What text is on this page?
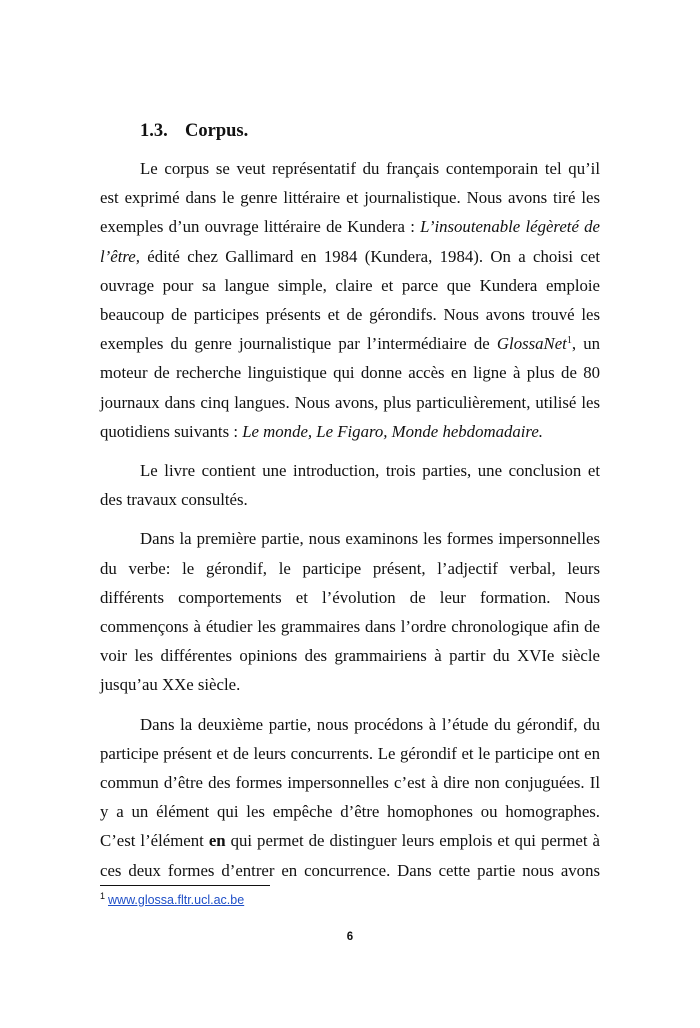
1.3. Corpus.

Le corpus se veut représentatif du français contemporain tel qu’il est exprimé dans le genre littéraire et journalistique. Nous avons tiré les exemples d’un ouvrage littéraire de Kundera : L’insoutenable légèreté de l’être, édité chez Gallimard en 1984 (Kundera, 1984). On a choisi cet ouvrage pour sa langue simple, claire et parce que Kundera emploie beaucoup de participes présents et de gérondifs. Nous avons trouvé les exemples du genre journalistique par l’intermédiaire de GlossaNet$^1$, un moteur de recherche linguistique qui donne accès en ligne à plus de 80 journaux dans cinq langues. Nous avons, plus particulièrement, utilisé les quotidiens suivants : Le monde, Le Figaro, Monde hebdomadaire.

Le livre contient une introduction, trois parties, une conclusion et des travaux consultés.

Dans la première partie, nous examinons les formes impersonnelles du verbe: le gérondif, le participe présent, l’adjectif verbal, leurs différents comportements et l’évolution de leur formation. Nous commençons à étudier les grammaires dans l’ordre chronologique afin de voir les différentes opinions des grammairiens à partir du XVIe siècle jusqu’au XXe siècle.

Dans la deuxième partie, nous procédons à l’étude du gérondif, du participe présent et de leurs concurrents. Le gérondif et le participe ont en commun d’être des formes impersonnelles c’est à dire non conjuguées. Il y a un élément qui les empêche d’être homophones ou homographes. C’est l’élément en qui permet de distinguer leurs emplois et qui permet à ces deux formes d’entrer en concurrence. Dans cette partie nous avons

$^1$ www.glossa.fltr.ucl.ac.be
6
